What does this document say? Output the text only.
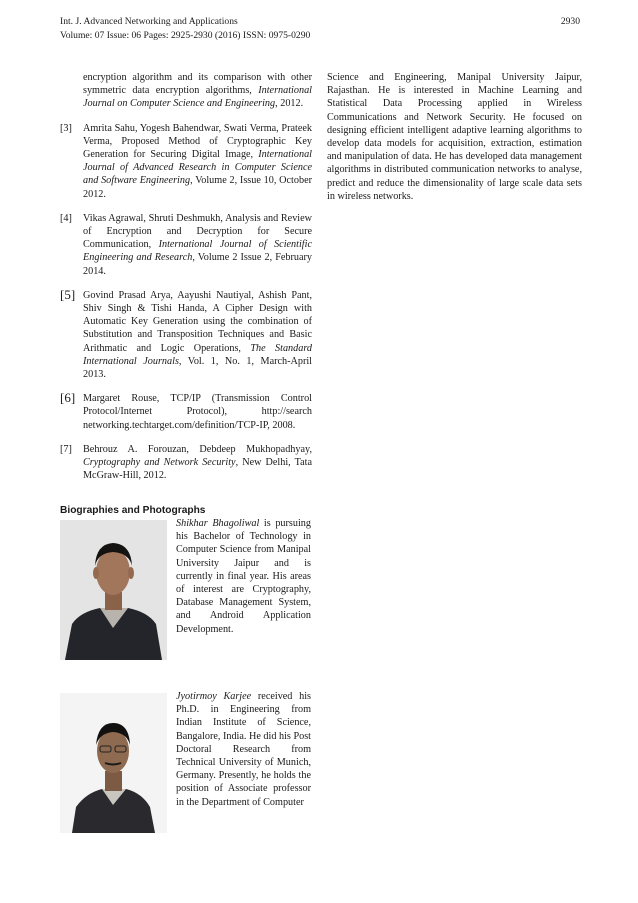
Int. J. Advanced Networking and Applications
Volume: 07 Issue: 06 Pages: 2925-2930 (2016) ISSN: 0975-0290
2930
encryption algorithm and its comparison with other symmetric data encryption algorithms, International Journal on Computer Science and Engineering, 2012.
[3] Amrita Sahu, Yogesh Bahendwar, Swati Verma, Prateek Verma, Proposed Method of Cryptographic Key Generation for Securing Digital Image, International Journal of Advanced Research in Computer Science and Software Engineering, Volume 2, Issue 10, October 2012.
[4] Vikas Agrawal, Shruti Deshmukh, Analysis and Review of Encryption and Decryption for Secure Communication, International Journal of Scientific Engineering and Research, Volume 2 Issue 2, February 2014.
[5] Govind Prasad Arya, Aayushi Nautiyal, Ashish Pant, Shiv Singh & Tishi Handa, A Cipher Design with Automatic Key Generation using the combination of Substitution and Transposition Techniques and Basic Arithmatic and Logic Operations, The Standard International Journals, Vol. 1, No. 1, March-April 2013.
[6] Margaret Rouse, TCP/IP (Transmission Control Protocol/Internet Protocol), http://search networking.techtarget.com/definition/TCP-IP, 2008.
[7] Behrouz A. Forouzan, Debdeep Mukhopadhyay, Cryptography and Network Security, New Delhi, Tata McGraw-Hill, 2012.
Biographies and Photographs
Shikhar Bhagoliwal is pursuing his Bachelor of Technology in Computer Science from Manipal University Jaipur and is currently in final year. His areas of interest are Cryptography, Database Management System, and Android Application Development.
Jyotirmoy Karjee received his Ph.D. in Engineering from Indian Institute of Science, Bangalore, India. He did his Post Doctoral Research from Technical University of Munich, Germany. Presently, he holds the position of Associate professor in the Department of Computer
Science and Engineering, Manipal University Jaipur, Rajasthan. He is interested in Machine Learning and Statistical Data Processing applied in Wireless Communications and Network Security. He focused on designing efficient intelligent adaptive learning algorithms to develop data models for acquisition, extraction, estimation and manipulation of data. He has developed data management algorithms in distributed communication networks to analyse, predict and reduce the dimensionality of large scale data sets in wireless networks.
